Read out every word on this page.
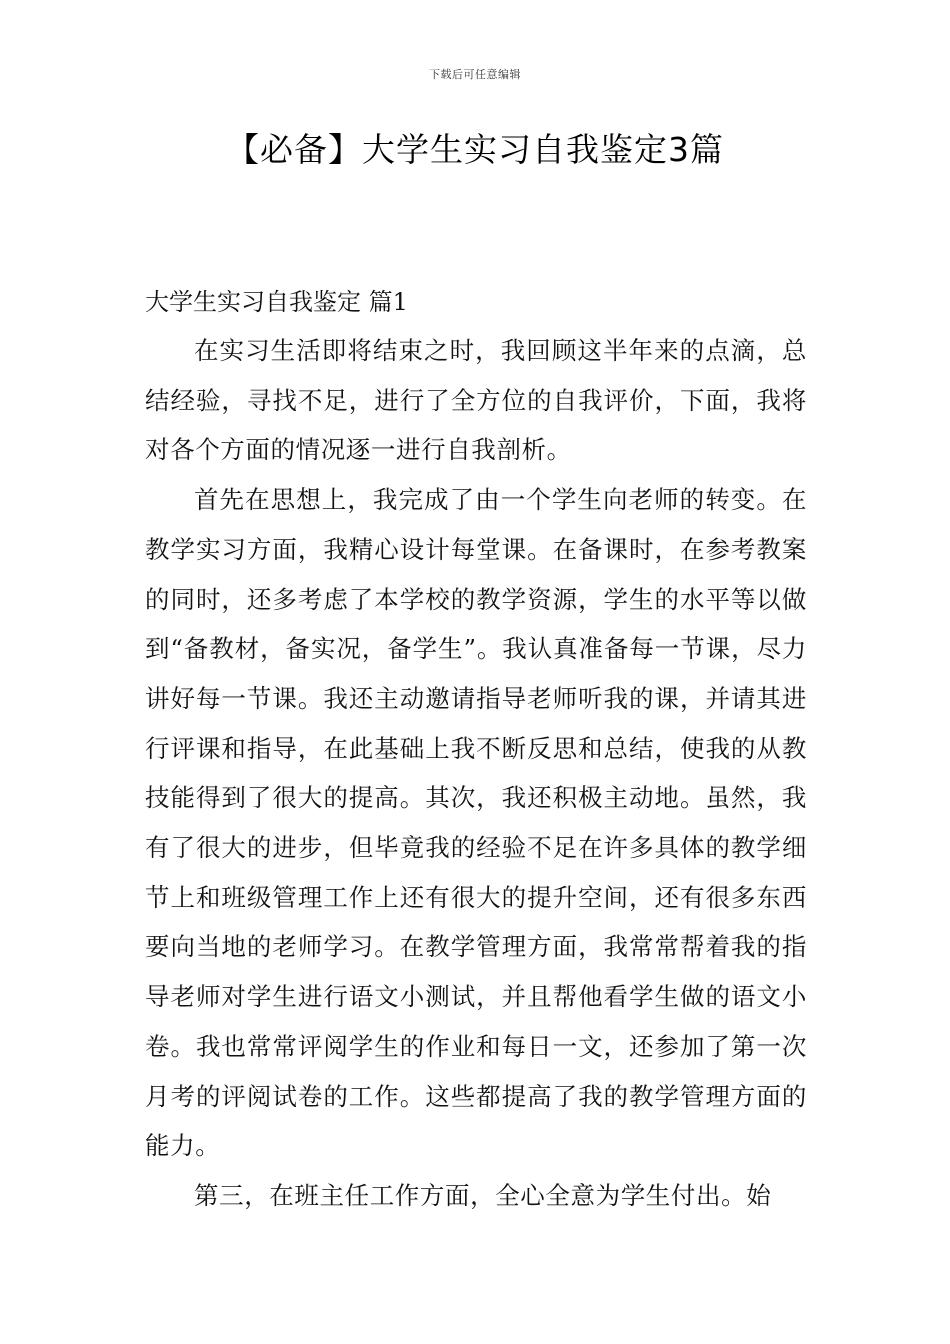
下载后可任意编辑
【必备】大学生实习自我鉴定3篇
大学生实习自我鉴定 篇1

在实习生活即将结束之时，我回顾这半年来的点滴，总结经验，寻找不足，进行了全方位的自我评价，下面，我将对各个方面的情况逐一进行自我剖析。

首先在思想上，我完成了由一个学生向老师的转变。在教学实习方面，我精心设计每堂课。在备课时，在参考教案的同时，还多考虑了本学校的教学资源，学生的水平等以做到“备教材，备实况，备学生”。我认真准备每一节课，尽力讲好每一节课。我还主动邀请指导老师听我的课，并请其进行评课和指导，在此基础上我不断反思和总结，使我的从教技能得到了很大的提高。其次，我还积极主动地。虽然，我有了很大的进步，但毕竟我的经验不足在许多具体的教学细节上和班级管理工作上还有很大的提升空间，还有很多东西要向当地的老师学习。在教学管理方面，我常常帮着我的指导老师对学生进行语文小测试，并且帮他看学生做的语文小卷。我也常常评阅学生的作业和每日一文，还参加了第一次月考的评阅试卷的工作。这些都提高了我的教学管理方面的能力。

第三，在班主任工作方面，全心全意为学生付出。始
